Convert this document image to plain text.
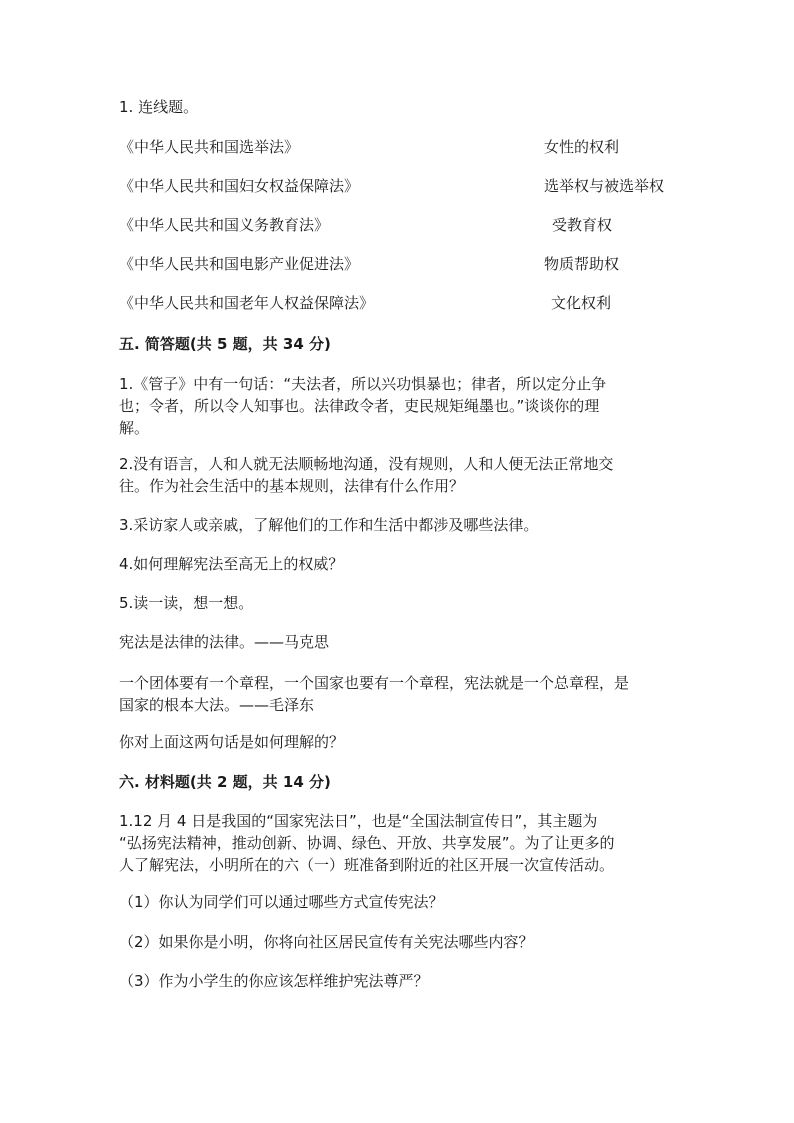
1. 连线题。
《中华人民共和国选举法》	女性的权利
《中华人民共和国妇女权益保障法》	选举权与被选举权
《中华人民共和国义务教育法》	受教育权
《中华人民共和国电影产业促进法》	物质帮助权
《中华人民共和国老年人权益保障法》	文化权利
五. 简答题(共 5 题，共 34 分)
1.《管子》中有一句话：“夫法者，所以兴功惧暴也；律者，所以定分止争
也；令者，所以令人知事也。法律政令者，吏民规矩绳墨也。”谈谈你的理
解。
2.没有语言，人和人就无法顺畅地沟通，没有规则，人和人便无法正常地交
往。作为社会生活中的基本规则，法律有什么作用？
3.采访家人或亲戚，了解他们的工作和生活中都涉及哪些法律。
4.如何理解宪法至高无上的权威？
5.读一读，想一想。
宪法是法律的法律。——马克思
一个团体要有一个章程，一个国家也要有一个章程，宪法就是一个总章程，是
国家的根本大法。——毛泽东
你对上面这两句话是如何理解的？
六. 材料题(共 2 题，共 14 分)
1.12 月 4 日是我国的“国家宪法日”，也是“全国法制宣传日”，其主题为
“弘扬宪法精神，推动创新、协调、绿色、开放、共享发展”。为了让更多的
人了解宪法，小明所在的六（一）班准备到附近的社区开展一次宣传活动。
（1）你认为同学们可以通过哪些方式宣传宪法？
（2）如果你是小明，你将向社区居民宣传有关宪法哪些内容？
（3）作为小学生的你应该怎样维护宪法尊严？
